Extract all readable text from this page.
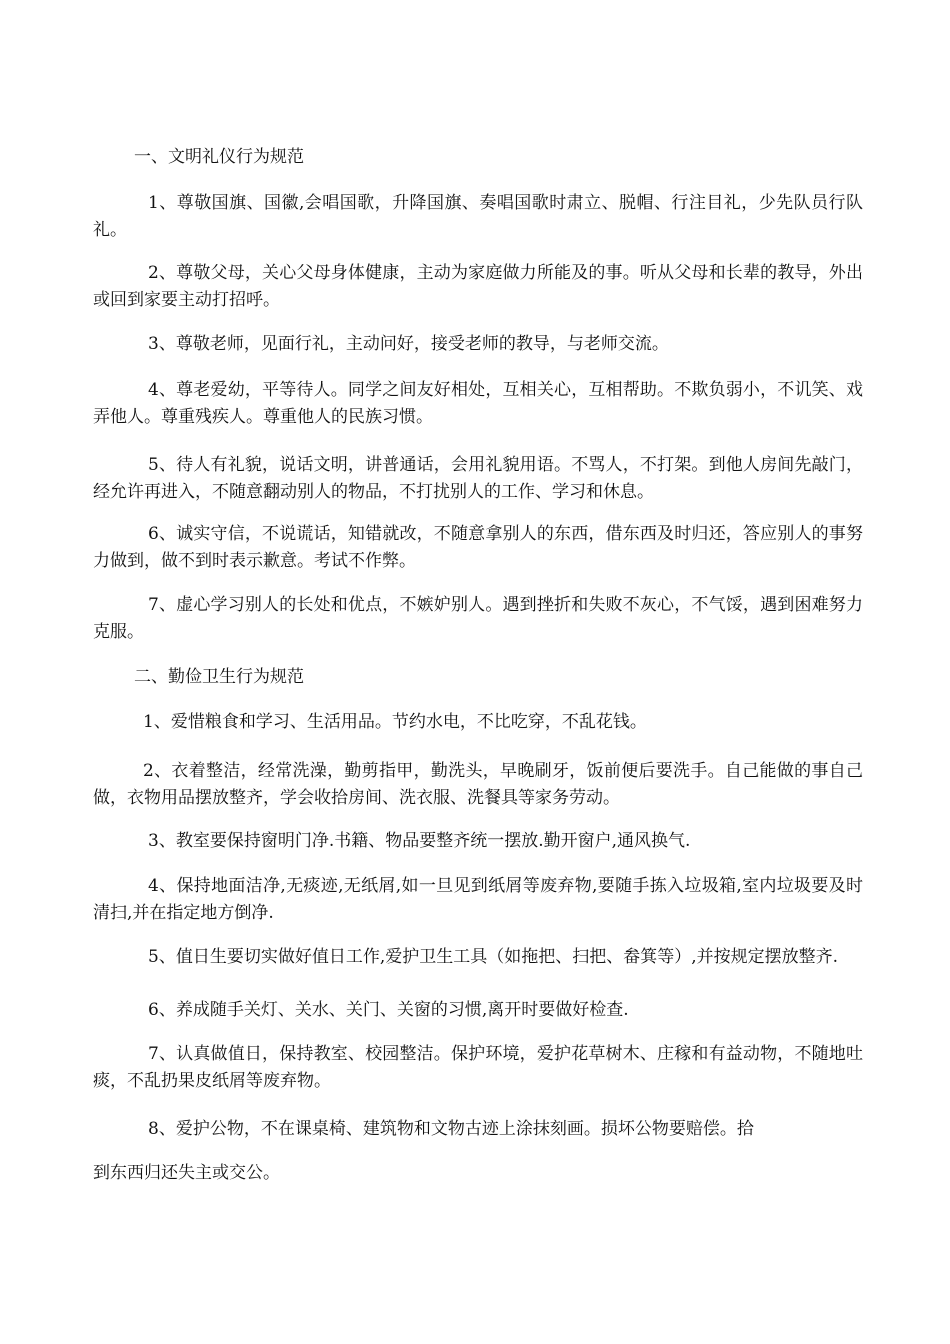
一、文明礼仪行为规范

1、尊敬国旗、国徽,会唱国歌，升降国旗、奏唱国歌时肃立、脱帽、行注目礼，少先队员行队礼。

2、尊敬父母，关心父母身体健康，主动为家庭做力所能及的事。听从父母和长辈的教导，外出或回到家要主动打招呼。

3、尊敬老师，见面行礼，主动问好，接受老师的教导，与老师交流。

4、尊老爱幼，平等待人。同学之间友好相处，互相关心，互相帮助。不欺负弱小，不讥笑、戏弄他人。尊重残疾人。尊重他人的民族习惯。

5、待人有礼貌，说话文明，讲普通话，会用礼貌用语。不骂人，不打架。到他人房间先敲门，经允许再进入，不随意翻动别人的物品，不打扰别人的工作、学习和休息。

6、诚实守信，不说谎话，知错就改，不随意拿别人的东西，借东西及时归还，答应别人的事努力做到，做不到时表示歉意。考试不作弊。

7、虚心学习别人的长处和优点，不嫉妒别人。遇到挫折和失败不灰心，不气馁，遇到困难努力克服。

二、勤俭卫生行为规范

1、爱惜粮食和学习、生活用品。节约水电，不比吃穿，不乱花钱。

2、衣着整洁，经常洗澡，勤剪指甲，勤洗头，早晚刷牙，饭前便后要洗手。自己能做的事自己做，衣物用品摆放整齐，学会收拾房间、洗衣服、洗餐具等家务劳动。

3、教室要保持窗明门净.书籍、物品要整齐统一摆放.勤开窗户,通风换气.

4、保持地面洁净,无痰迹,无纸屑,如一旦见到纸屑等废弃物,要随手拣入垃圾箱,室内垃圾要及时清扫,并在指定地方倒净.

5、值日生要切实做好值日工作,爱护卫生工具（如拖把、扫把、畚箕等）,并按规定摆放整齐.

6、养成随手关灯、关水、关门、关窗的习惯,离开时要做好检查.

7、认真做值日，保持教室、校园整洁。保护环境，爱护花草树木、庄稼和有益动物，不随地吐痰，不乱扔果皮纸屑等废弃物。

8、爱护公物，不在课桌椅、建筑物和文物古迹上涂抹刻画。损坏公物要赔偿。拾

到东西归还失主或交公。
